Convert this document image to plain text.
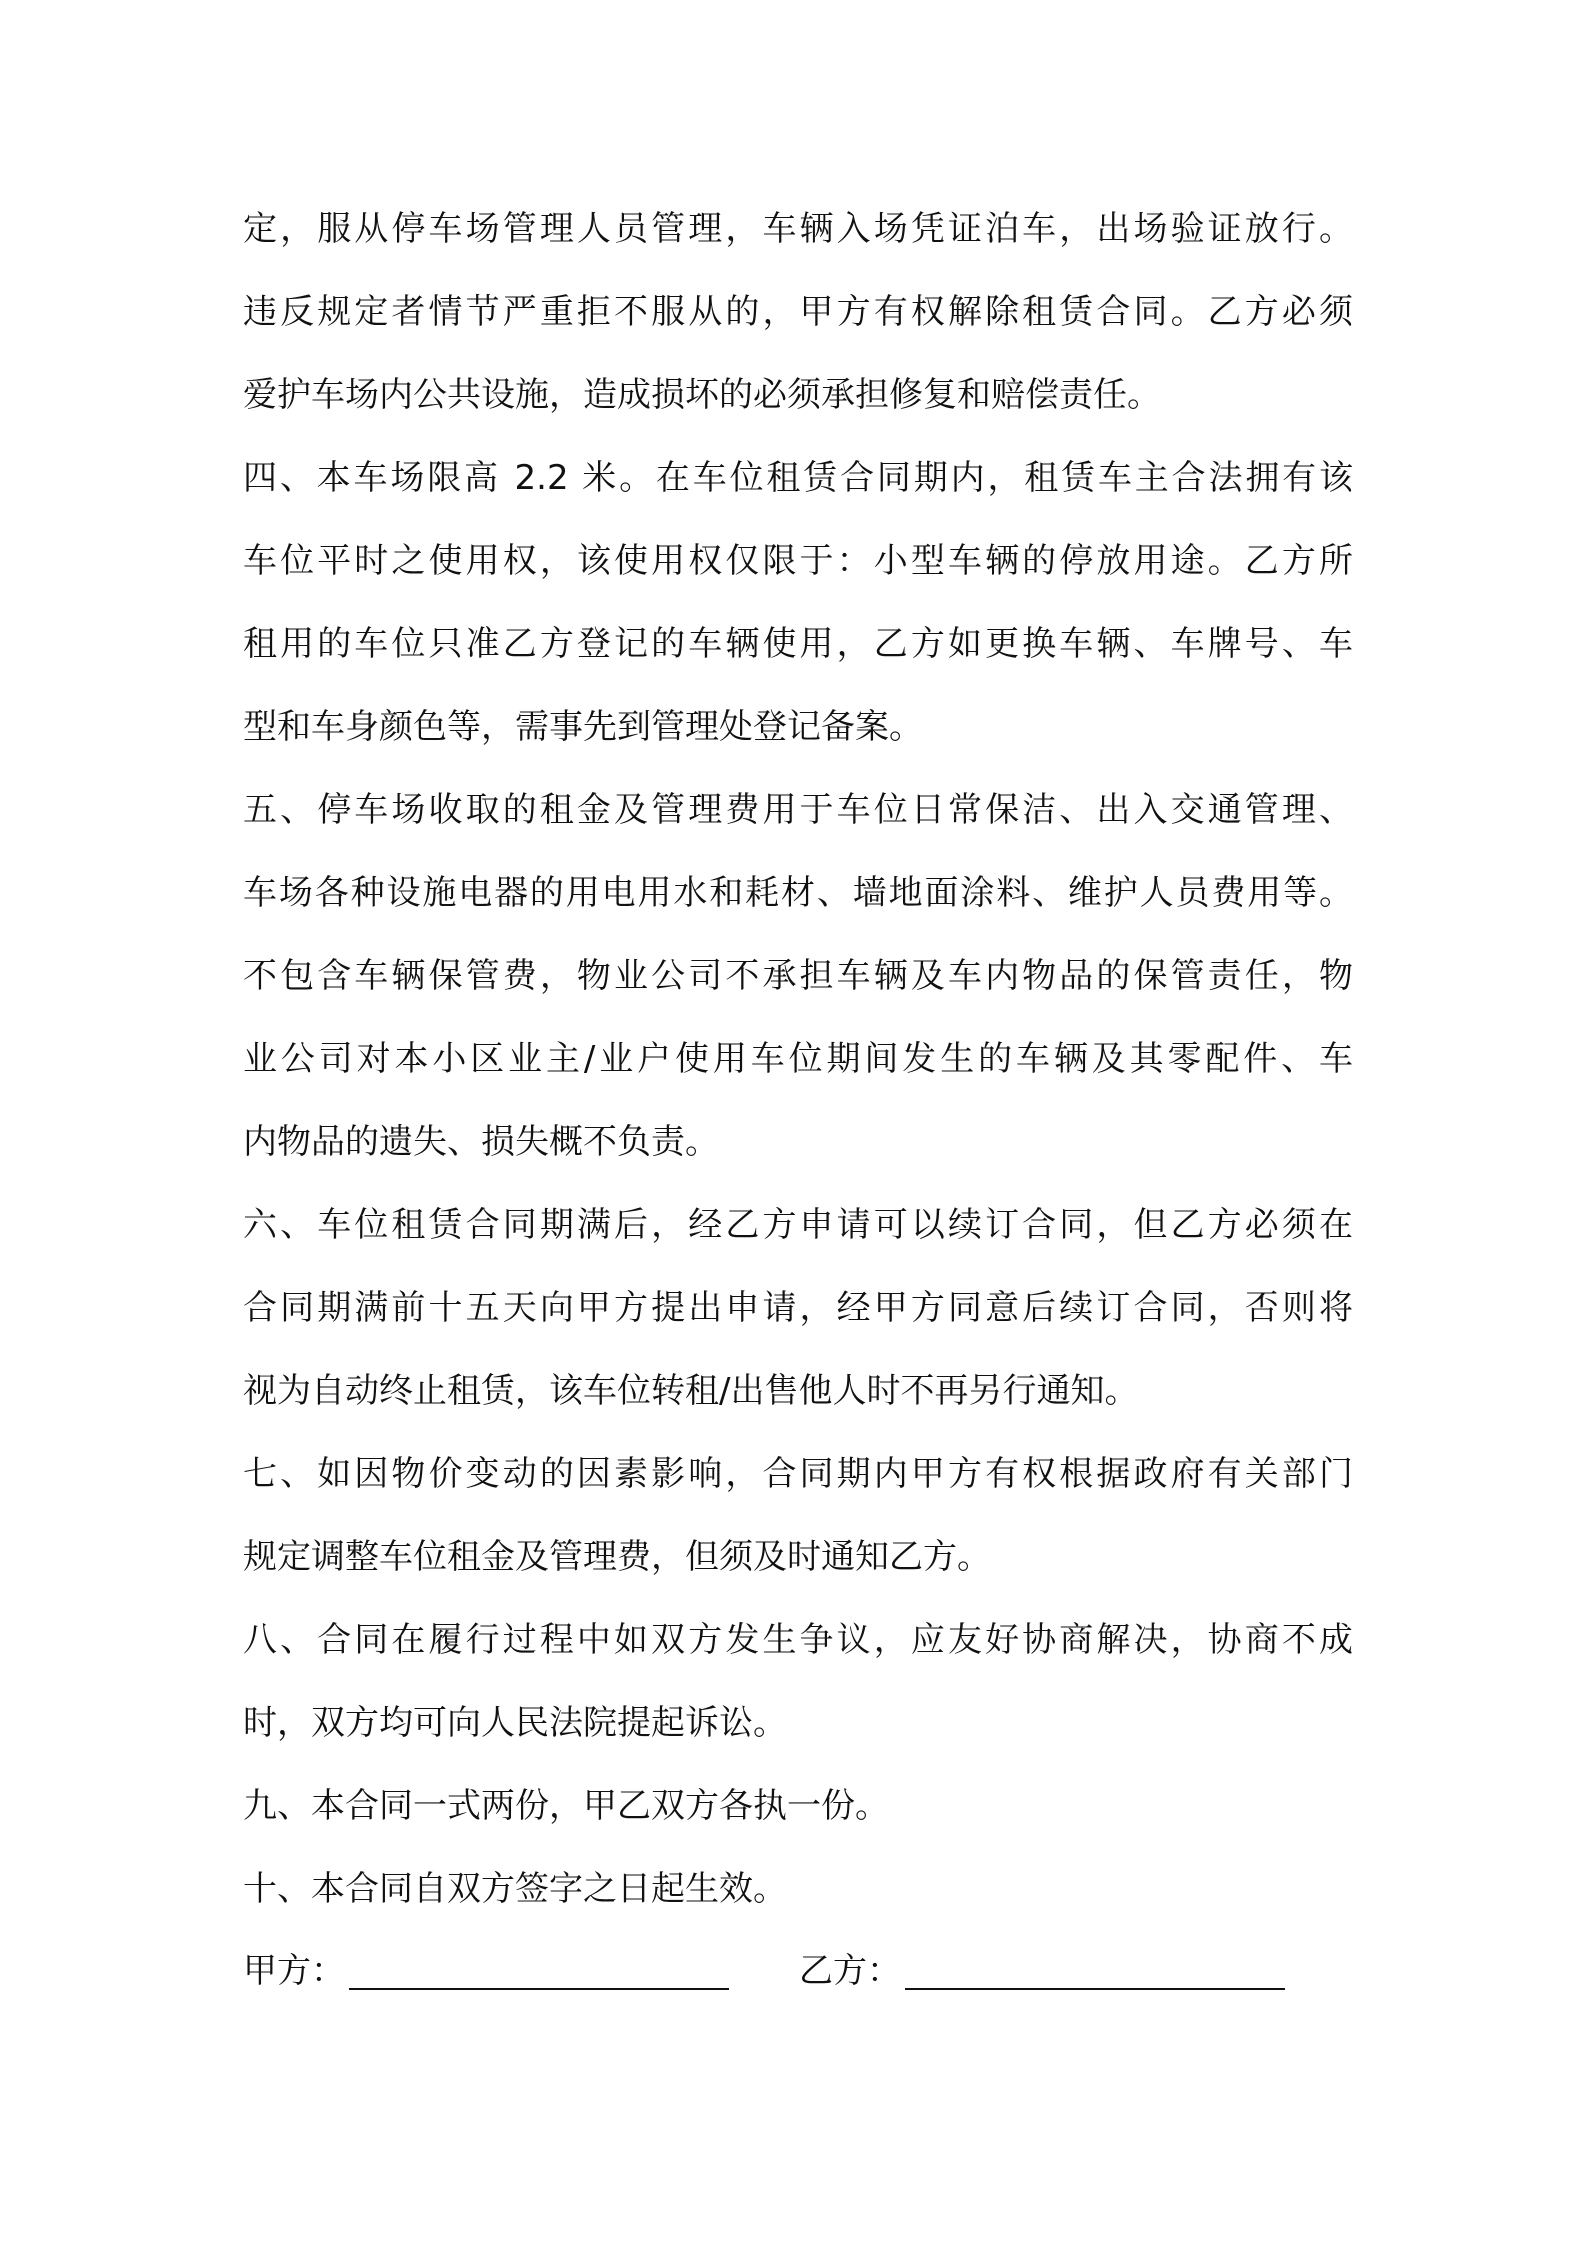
定，服从停车场管理人员管理，车辆入场凭证泊车，出场验证放行。
违反规定者情节严重拒不服从的，甲方有权解除租赁合同。乙方必须
爱护车场内公共设施，造成损坏的必须承担修复和赔偿责任。
四、本车场限高 2.2 米。在车位租赁合同期内，租赁车主合法拥有该
车位平时之使用权，该使用权仅限于：小型车辆的停放用途。乙方所
租用的车位只准乙方登记的车辆使用，乙方如更换车辆、车牌号、车
型和车身颜色等，需事先到管理处登记备案。
五、停车场收取的租金及管理费用于车位日常保洁、出入交通管理、
车场各种设施电器的用电用水和耗材、墙地面涂料、维护人员费用等。
不包含车辆保管费，物业公司不承担车辆及车内物品的保管责任，物
业公司对本小区业主/业户使用车位期间发生的车辆及其零配件、车
内物品的遗失、损失概不负责。
六、车位租赁合同期满后，经乙方申请可以续订合同，但乙方必须在
合同期满前十五天向甲方提出申请，经甲方同意后续订合同，否则将
视为自动终止租赁，该车位转租/出售他人时不再另行通知。
七、如因物价变动的因素影响，合同期内甲方有权根据政府有关部门
规定调整车位租金及管理费，但须及时通知乙方。
八、合同在履行过程中如双方发生争议，应友好协商解决，协商不成
时，双方均可向人民法院提起诉讼。
九、本合同一式两份，甲乙双方各执一份。
十、本合同自双方签字之日起生效。
甲方：	乙方：
